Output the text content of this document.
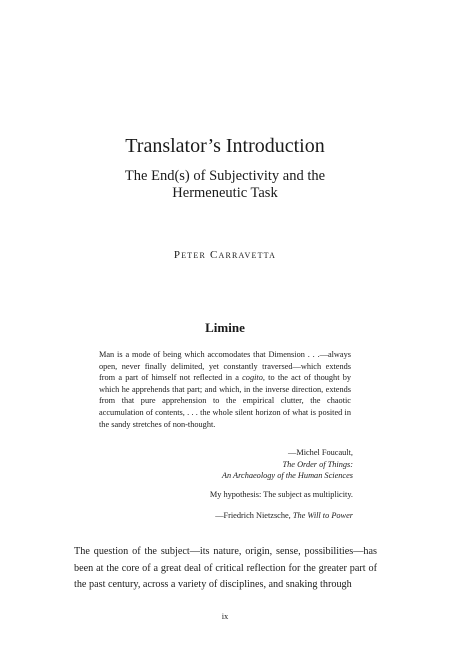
Translator’s Introduction
The End(s) of Subjectivity and the
Hermeneutic Task

Peter Carravetta

Limine

Man is a mode of being which accomodates that Dimension . . .—always open, never finally delimited, yet constantly traversed—which extends from a part of himself not reflected in a cogito, to the act of thought by which he apprehends that part; and which, in the inverse direction, extends from that pure apprehension to the empirical clutter, the chaotic accumulation of contents, . . . the whole silent horizon of what is posited in the sandy stretches of non-thought.

—Michel Foucault,
The Order of Things:
An Archaeology of the Human Sciences

My hypothesis: The subject as multiplicity.

—Friedrich Nietzsche, The Will to Power

The question of the subject—its nature, origin, sense, possibilities—has been at the core of a great deal of critical reflection for the greater part of the past century, across a variety of disciplines, and snaking through

ix
